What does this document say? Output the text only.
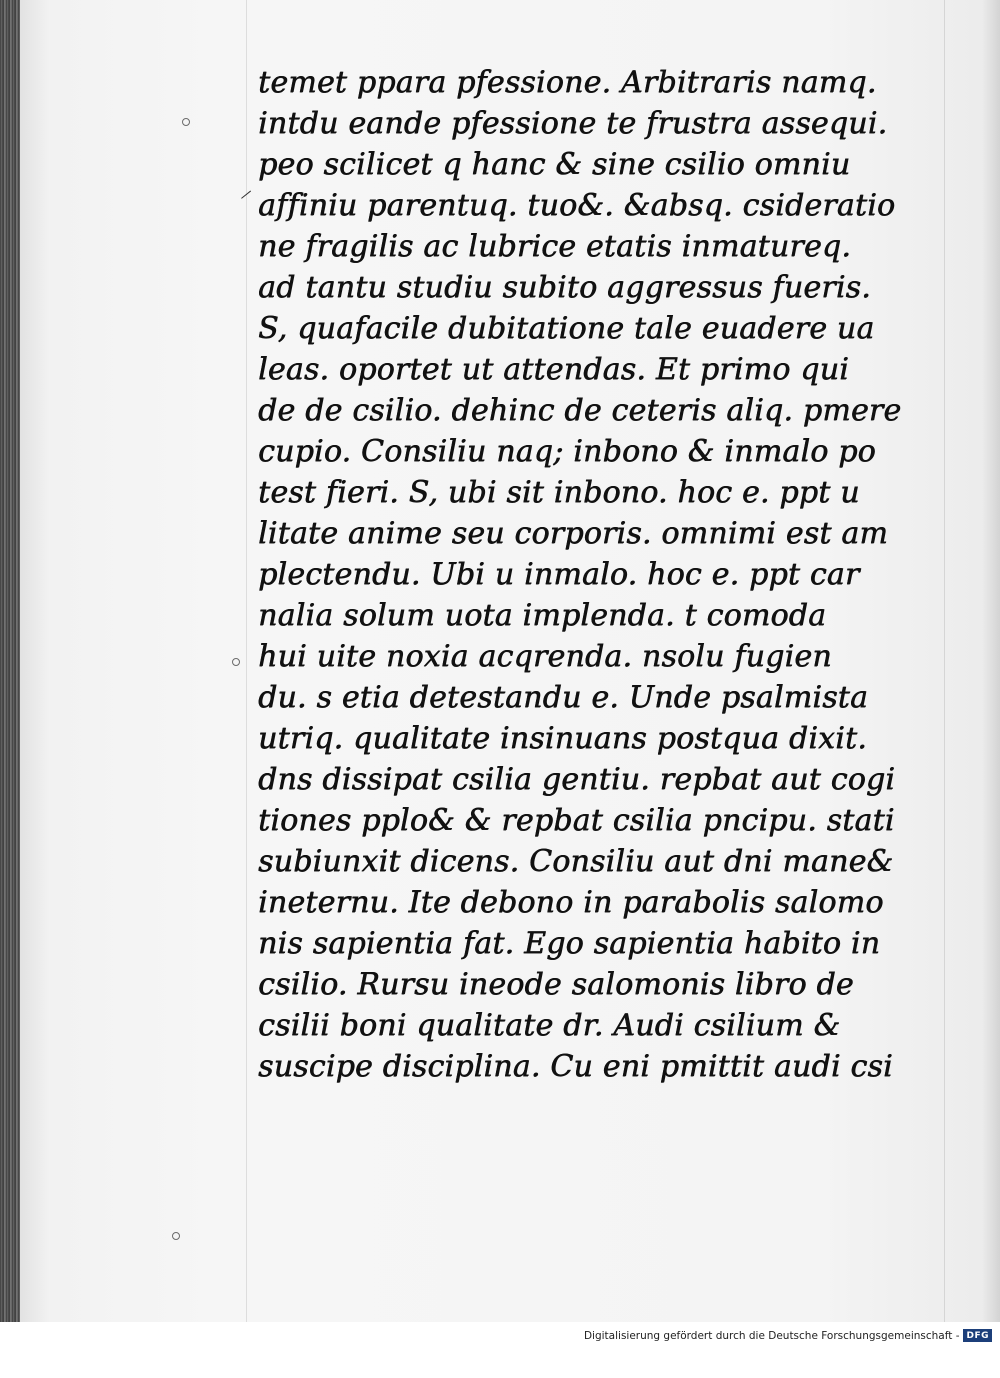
temet ppara pfessione. Arbitraris namq.
intdu eande pfessione te frustra assequi.
peo scilicet q hanc & sine csilio omniu
affiniu parentuq. tuo&. &absq. csideratio
ne fragilis ac lubrice etatis inmatureq.
ad tantu studiu subito aggressus fueris.
S, quafacile dubitatione tale euadere ua
leas. oportet ut attendas. Et primo qui
de de csilio. dehinc de ceteris aliq. pmere
cupio. Consiliu naq; inbono & inmalo po
test fieri. S, ubi sit inbono. hoc e. ppt u
litate anime seu corporis. omnimi est am
plectendu. Ubi u inmalo. hoc e. ppt car
nalia solum uota implenda. t comoda
hui uite noxia acqrenda. nsolu fugien
du. s etia detestandu e. Unde psalmista
utriq. qualitate insinuans postqua dixit.
dns dissipat csilia gentiu. repbat aut cogi
tiones pplo& & repbat csilia pncipu. stati
subiunxit dicens. Consiliu aut dni mane&
ineternu. Ite debono in parabolis salomo
nis sapientia fat. Ego sapientia habito in
csilio. Rursu ineode salomonis libro de
csilii boni qualitate dr. Audi csilium &
suscipe disciplina. Cu eni pmittit audi csi
⸝
Digitalisierung gefördert durch die Deutsche Forschungsgemeinschaft - DFG
